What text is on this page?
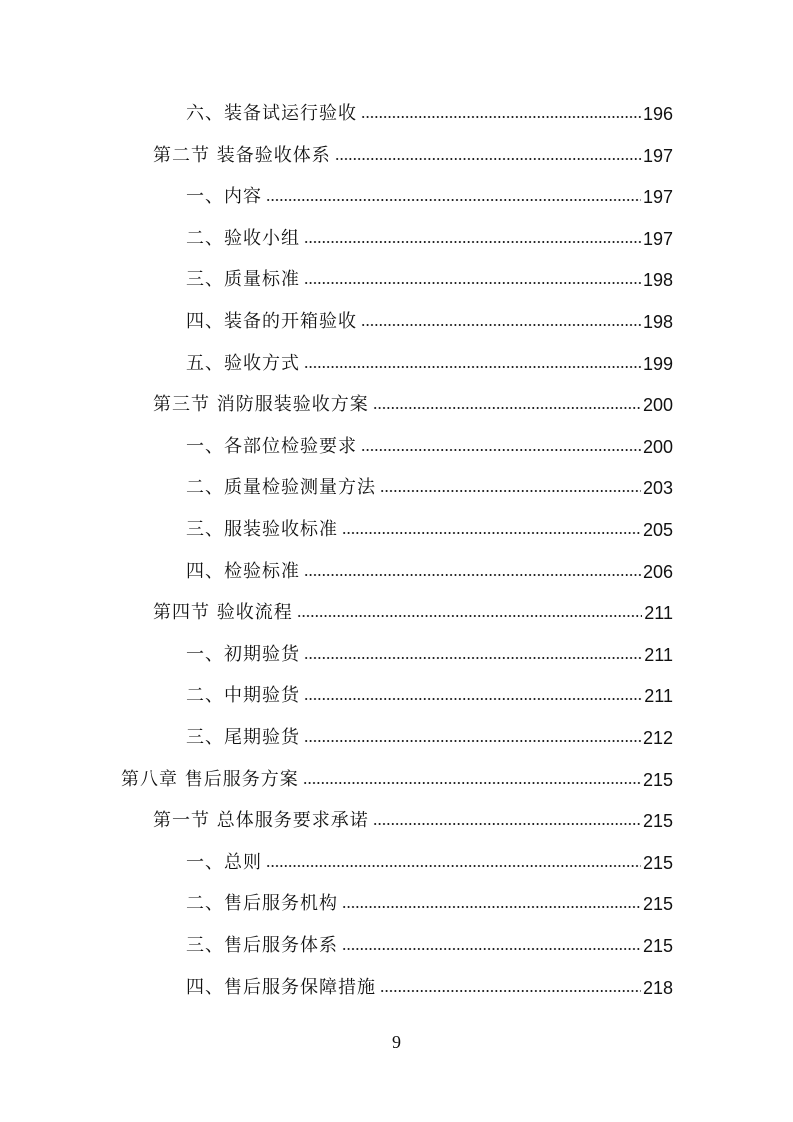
六、装备试运行验收	196
第二节 装备验收体系	197
一、内容	197
二、验收小组	197
三、质量标准	198
四、装备的开箱验收	198
五、验收方式	199
第三节 消防服装验收方案	200
一、各部位检验要求	200
二、质量检验测量方法	203
三、服装验收标准	205
四、检验标准	206
第四节 验收流程	211
一、初期验货	211
二、中期验货	211
三、尾期验货	212
第八章 售后服务方案	215
第一节 总体服务要求承诺	215
一、总则	215
二、售后服务机构	215
三、售后服务体系	215
四、售后服务保障措施	218
9
